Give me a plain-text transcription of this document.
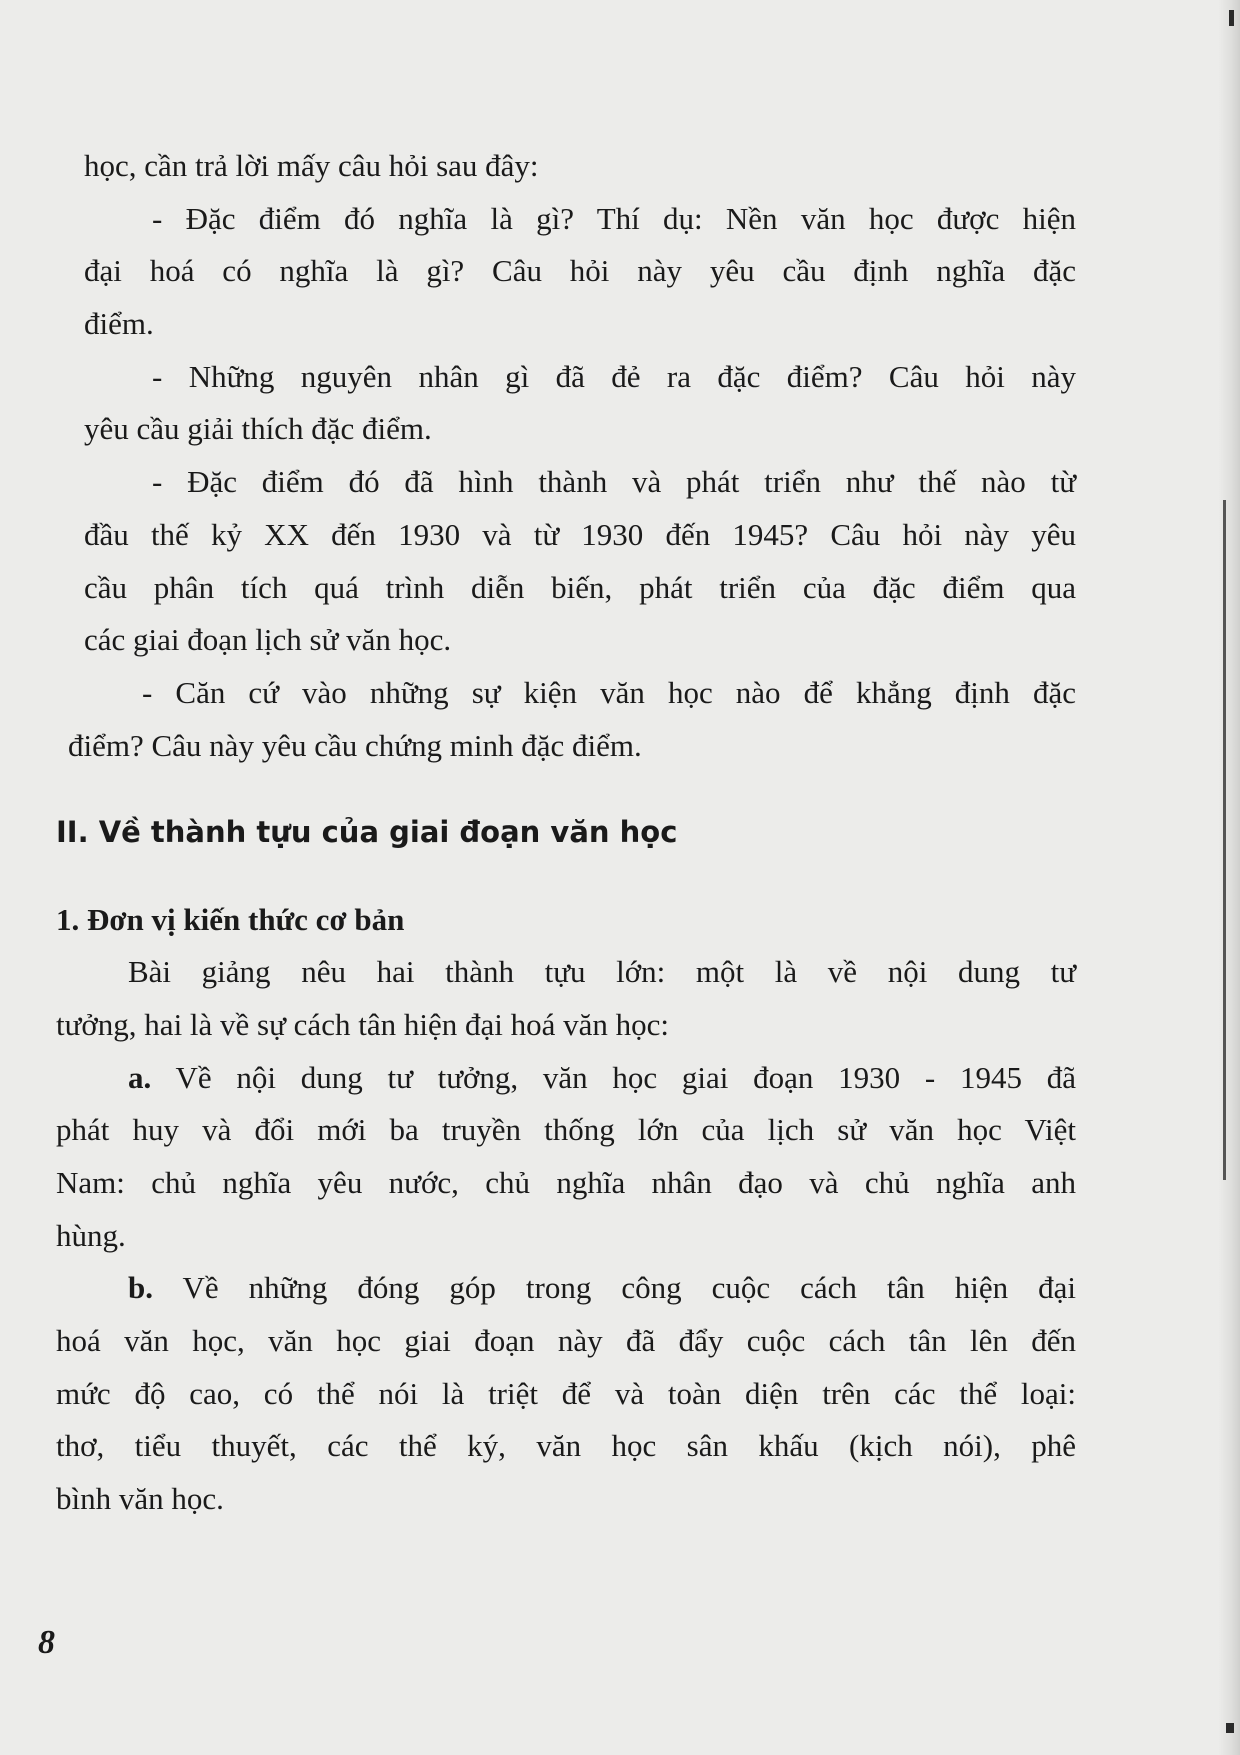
học, cần trả lời mấy câu hỏi sau đây:
- Đặc điểm đó nghĩa là gì? Thí dụ: Nền văn học được hiện
đại hoá có nghĩa là gì? Câu hỏi này yêu cầu định nghĩa đặc
điểm.
- Những nguyên nhân gì đã đẻ ra đặc điểm? Câu hỏi này
yêu cầu giải thích đặc điểm.
- Đặc điểm đó đã hình thành và phát triển như thế nào từ
đầu thế kỷ XX đến 1930 và từ 1930 đến 1945? Câu hỏi này yêu
cầu phân tích quá trình diễn biến, phát triển của đặc điểm qua
các giai đoạn lịch sử văn học.
- Căn cứ vào những sự kiện văn học nào để khẳng định đặc
điểm? Câu này yêu cầu chứng minh đặc điểm.
II. Về thành tựu của giai đoạn văn học
1. Đơn vị kiến thức cơ bản
Bài giảng nêu hai thành tựu lớn: một là về nội dung tư
tưởng, hai là về sự cách tân hiện đại hoá văn học:
a. Về nội dung tư tưởng, văn học giai đoạn 1930 - 1945 đã
phát huy và đổi mới ba truyền thống lớn của lịch sử văn học Việt
Nam: chủ nghĩa yêu nước, chủ nghĩa nhân đạo và chủ nghĩa anh
hùng.
b. Về những đóng góp trong công cuộc cách tân hiện đại
hoá văn học, văn học giai đoạn này đã đẩy cuộc cách tân lên đến
mức độ cao, có thể nói là triệt để và toàn diện trên các thể loại:
thơ, tiểu thuyết, các thể ký, văn học sân khấu (kịch nói), phê
bình văn học.
8
